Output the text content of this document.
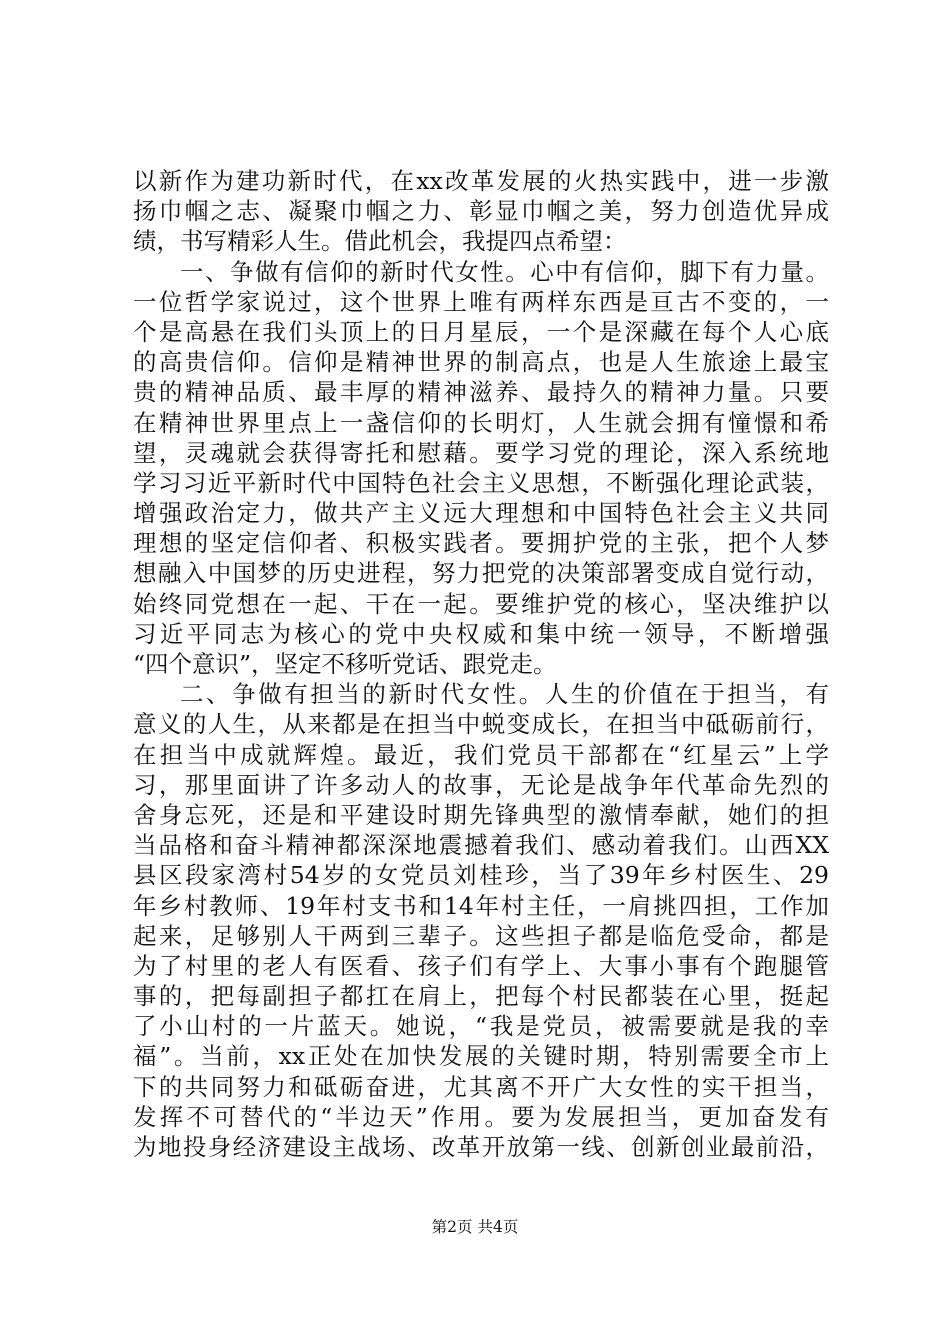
以新作为建功新时代，在xx改革发展的火热实践中，进一步激
扬巾帼之志、凝聚巾帼之力、彰显巾帼之美，努力创造优异成
绩，书写精彩人生。借此机会，我提四点希望：
一、争做有信仰的新时代女性。心中有信仰，脚下有力量。
一位哲学家说过，这个世界上唯有两样东西是亘古不变的，一
个是高悬在我们头顶上的日月星辰，一个是深藏在每个人心底
的高贵信仰。信仰是精神世界的制高点，也是人生旅途上最宝
贵的精神品质、最丰厚的精神滋养、最持久的精神力量。只要
在精神世界里点上一盏信仰的长明灯，人生就会拥有憧憬和希
望，灵魂就会获得寄托和慰藉。要学习党的理论，深入系统地
学习习近平新时代中国特色社会主义思想，不断强化理论武装，
增强政治定力，做共产主义远大理想和中国特色社会主义共同
理想的坚定信仰者、积极实践者。要拥护党的主张，把个人梦
想融入中国梦的历史进程，努力把党的决策部署变成自觉行动，
始终同党想在一起、干在一起。要维护党的核心，坚决维护以
习近平同志为核心的党中央权威和集中统一领导，不断增强
“四个意识”，坚定不移听党话、跟党走。
二、争做有担当的新时代女性。人生的价值在于担当，有
意义的人生，从来都是在担当中蜕变成长，在担当中砥砺前行，
在担当中成就辉煌。最近，我们党员干部都在“红星云”上学
习，那里面讲了许多动人的故事，无论是战争年代革命先烈的
舍身忘死，还是和平建设时期先锋典型的激情奉献，她们的担
当品格和奋斗精神都深深地震撼着我们、感动着我们。山西XX
县区段家湾村54岁的女党员刘桂珍，当了39年乡村医生、29
年乡村教师、19年村支书和14年村主任，一肩挑四担，工作加
起来，足够别人干两到三辈子。这些担子都是临危受命，都是
为了村里的老人有医看、孩子们有学上、大事小事有个跑腿管
事的，把每副担子都扛在肩上，把每个村民都装在心里，挺起
了小山村的一片蓝天。她说，“我是党员，被需要就是我的幸
福”。当前，xx正处在加快发展的关键时期，特别需要全市上
下的共同努力和砥砺奋进，尤其离不开广大女性的实干担当，
发挥不可替代的“半边天”作用。要为发展担当，更加奋发有
为地投身经济建设主战场、改革开放第一线、创新创业最前沿，
第2页 共4页
